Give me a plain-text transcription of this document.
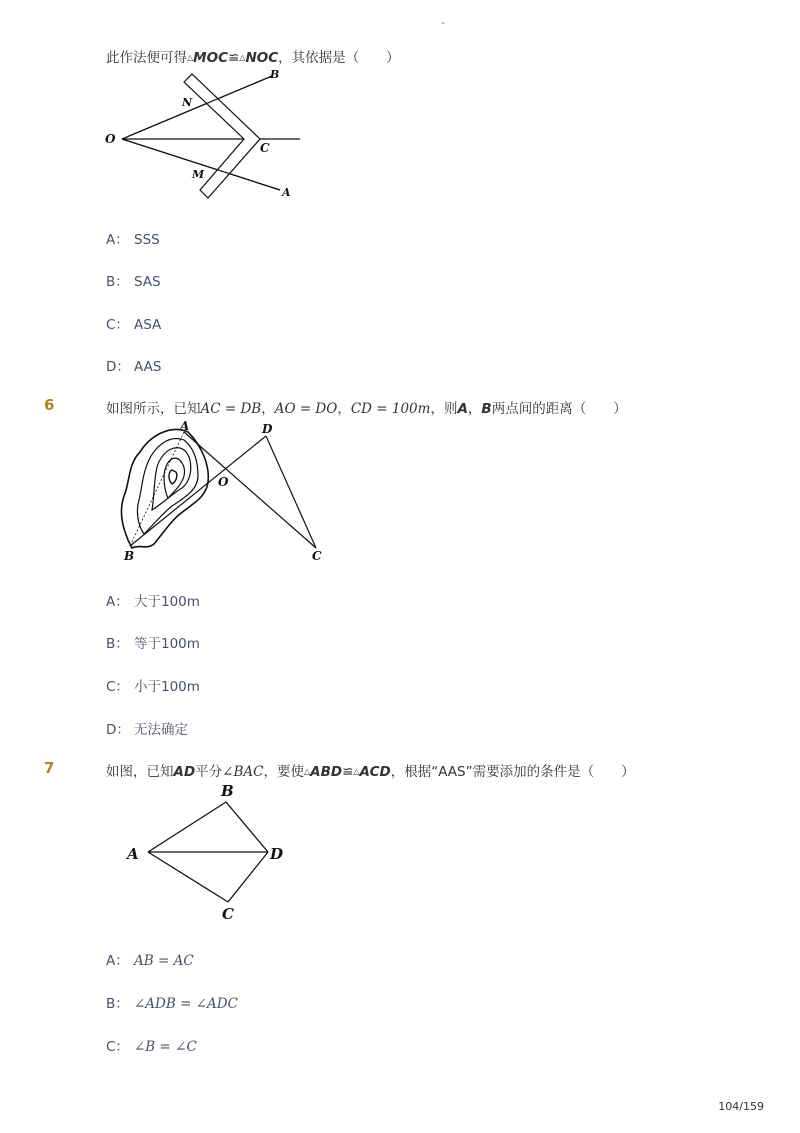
-
此作法便可得△MOC≌△NOC，其依据是（　　）
B
N
O
C
M
A
A： SSS
B： SAS
C： ASA
D： AAS
6	如图所示，已知AC = DB，AO = DO，CD = 100m，则A，B两点间的距离（　　）
A	D
O
B	C
A： 大于100m
B： 等于100m
C： 小于100m
D： 无法确定
7	如图，已知AD平分∠BAC，要使△ABD≌△ACD，根据“AAS”需要添加的条件是（　　）
A
B
C
D
A： AB = AC
B： ∠ADB = ∠ADC
C： ∠B = ∠C
104/159
